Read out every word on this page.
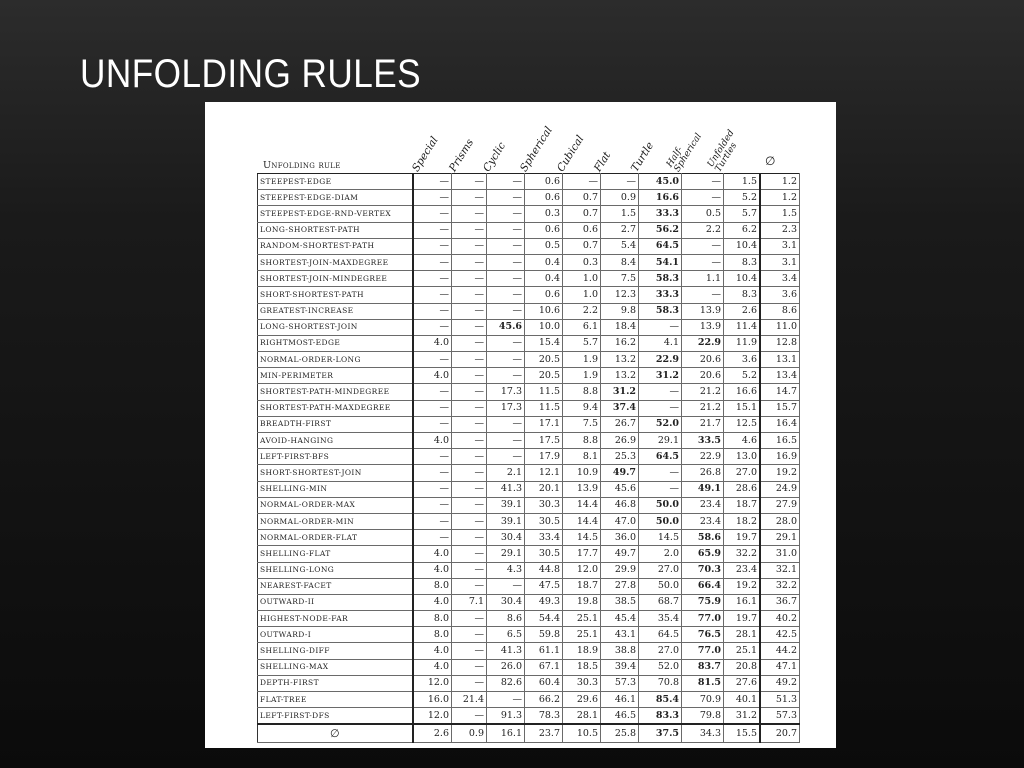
UNFOLDING RULES
Special Prisms Cyclic Spherical Cubical Flat Turtle Half-Spherical Unfolded Turtles	∅
Unfolding rule
STEEPEST-EDGE	—	—	—	0.6	—	—	45.0	—	1.5	1.2
STEEPEST-EDGE-DIAM	—	—	—	0.6	0.7	0.9	16.6	—	5.2	1.2
STEEPEST-EDGE-RND-VERTEX	—	—	—	0.3	0.7	1.5	33.3	0.5	5.7	1.5
LONG-SHORTEST-PATH	—	—	—	0.6	0.6	2.7	56.2	2.2	6.2	2.3
RANDOM-SHORTEST-PATH	—	—	—	0.5	0.7	5.4	64.5	—	10.4	3.1
SHORTEST-JOIN-MAXDEGREE	—	—	—	0.4	0.3	8.4	54.1	—	8.3	3.1
SHORTEST-JOIN-MINDEGREE	—	—	—	0.4	1.0	7.5	58.3	1.1	10.4	3.4
SHORT-SHORTEST-PATH	—	—	—	0.6	1.0	12.3	33.3	—	8.3	3.6
GREATEST-INCREASE	—	—	—	10.6	2.2	9.8	58.3	13.9	2.6	8.6
LONG-SHORTEST-JOIN	—	—	45.6	10.0	6.1	18.4	—	13.9	11.4	11.0
RIGHTMOST-EDGE	4.0	—	—	15.4	5.7	16.2	4.1	22.9	11.9	12.8
NORMAL-ORDER-LONG	—	—	—	20.5	1.9	13.2	22.9	20.6	3.6	13.1
MIN-PERIMETER	4.0	—	—	20.5	1.9	13.2	31.2	20.6	5.2	13.4
SHORTEST-PATH-MINDEGREE	—	—	17.3	11.5	8.8	31.2	—	21.2	16.6	14.7
SHORTEST-PATH-MAXDEGREE	—	—	17.3	11.5	9.4	37.4	—	21.2	15.1	15.7
BREADTH-FIRST	—	—	—	17.1	7.5	26.7	52.0	21.7	12.5	16.4
AVOID-HANGING	4.0	—	—	17.5	8.8	26.9	29.1	33.5	4.6	16.5
LEFT-FIRST-BFS	—	—	—	17.9	8.1	25.3	64.5	22.9	13.0	16.9
SHORT-SHORTEST-JOIN	—	—	2.1	12.1	10.9	49.7	—	26.8	27.0	19.2
SHELLING-MIN	—	—	41.3	20.1	13.9	45.6	—	49.1	28.6	24.9
NORMAL-ORDER-MAX	—	—	39.1	30.3	14.4	46.8	50.0	23.4	18.7	27.9
NORMAL-ORDER-MIN	—	—	39.1	30.5	14.4	47.0	50.0	23.4	18.2	28.0
NORMAL-ORDER-FLAT	—	—	30.4	33.4	14.5	36.0	14.5	58.6	19.7	29.1
SHELLING-FLAT	4.0	—	29.1	30.5	17.7	49.7	2.0	65.9	32.2	31.0
SHELLING-LONG	4.0	—	4.3	44.8	12.0	29.9	27.0	70.3	23.4	32.1
NEAREST-FACET	8.0	—	—	47.5	18.7	27.8	50.0	66.4	19.2	32.2
OUTWARD-II	4.0	7.1	30.4	49.3	19.8	38.5	68.7	75.9	16.1	36.7
HIGHEST-NODE-FAR	8.0	—	8.6	54.4	25.1	45.4	35.4	77.0	19.7	40.2
OUTWARD-I	8.0	—	6.5	59.8	25.1	43.1	64.5	76.5	28.1	42.5
SHELLING-DIFF	4.0	—	41.3	61.1	18.9	38.8	27.0	77.0	25.1	44.2
SHELLING-MAX	4.0	—	26.0	67.1	18.5	39.4	52.0	83.7	20.8	47.1
DEPTH-FIRST	12.0	—	82.6	60.4	30.3	57.3	70.8	81.5	27.6	49.2
FLAT-TREE	16.0	21.4	—	66.2	29.6	46.1	85.4	70.9	40.1	51.3
LEFT-FIRST-DFS	12.0	—	91.3	78.3	28.1	46.5	83.3	79.8	31.2	57.3
∅	2.6	0.9	16.1	23.7	10.5	25.8	37.5	34.3	15.5	20.7
